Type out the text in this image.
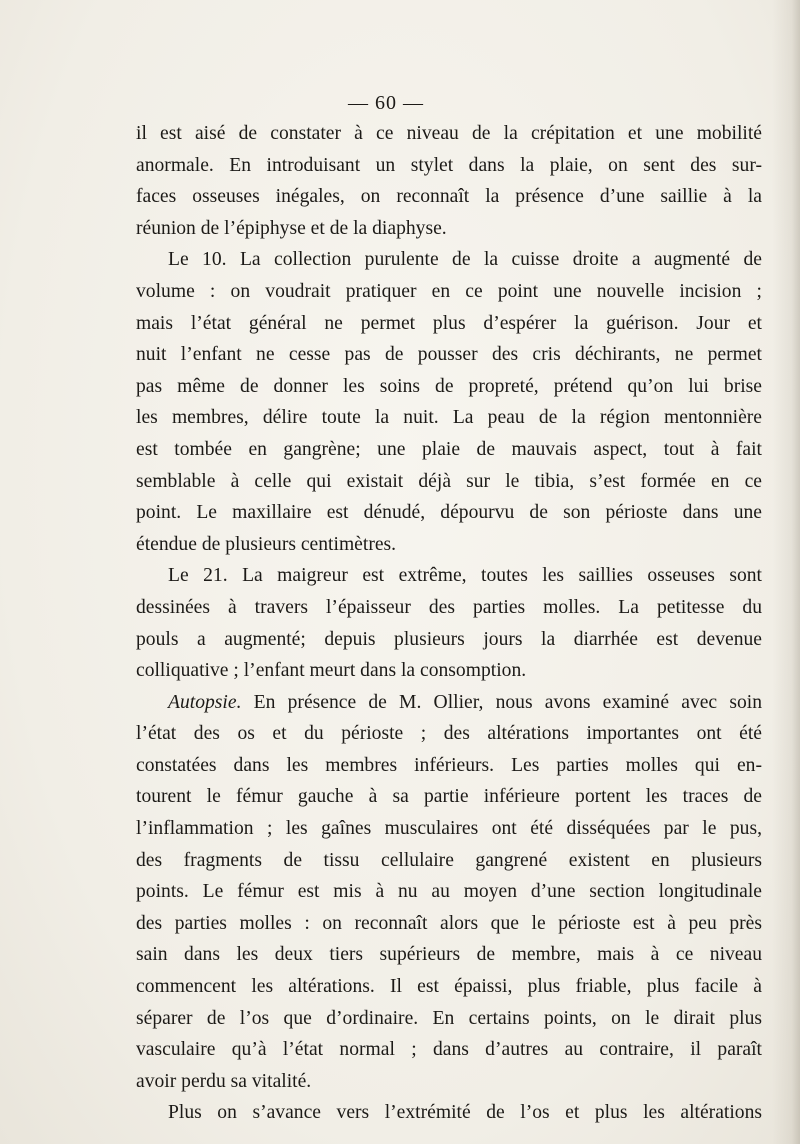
— 60 —
il est aisé de constater à ce niveau de la crépitation et une mobilité
anormale. En introduisant un stylet dans la plaie, on sent des sur-
faces osseuses inégales, on reconnaît la présence d’une saillie à la
réunion de l’épiphyse et de la diaphyse.
Le 10. La collection purulente de la cuisse droite a augmenté de
volume : on voudrait pratiquer en ce point une nouvelle incision ;
mais l’état général ne permet plus d’espérer la guérison. Jour et
nuit l’enfant ne cesse pas de pousser des cris déchirants, ne permet
pas même de donner les soins de propreté, prétend qu’on lui brise
les membres, délire toute la nuit. La peau de la région mentonnière
est tombée en gangrène; une plaie de mauvais aspect, tout à fait
semblable à celle qui existait déjà sur le tibia, s’est formée en ce
point. Le maxillaire est dénudé, dépourvu de son périoste dans une
étendue de plusieurs centimètres.
Le 21. La maigreur est extrême, toutes les saillies osseuses sont
dessinées à travers l’épaisseur des parties molles. La petitesse du
pouls a augmenté; depuis plusieurs jours la diarrhée est devenue
colliquative ; l’enfant meurt dans la consomption.
Autopsie. En présence de M. Ollier, nous avons examiné avec soin
l’état des os et du périoste ; des altérations importantes ont été
constatées dans les membres inférieurs. Les parties molles qui en-
tourent le fémur gauche à sa partie inférieure portent les traces de
l’inflammation ; les gaînes musculaires ont été disséquées par le pus,
des fragments de tissu cellulaire gangrené existent en plusieurs
points. Le fémur est mis à nu au moyen d’une section longitudinale
des parties molles : on reconnaît alors que le périoste est à peu près
sain dans les deux tiers supérieurs de membre, mais à ce niveau
commencent les altérations. Il est épaissi, plus friable, plus facile à
séparer de l’os que d’ordinaire. En certains points, on le dirait plus
vasculaire qu’à l’état normal ; dans d’autres au contraire, il paraît
avoir perdu sa vitalité.
Plus on s’avance vers l’extrémité de l’os et plus les altérations
